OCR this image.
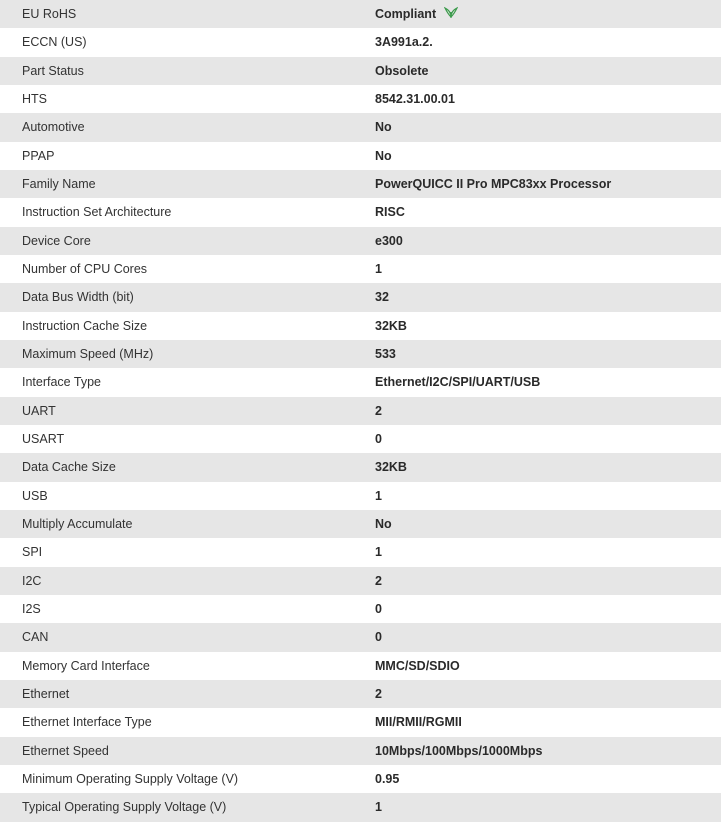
EU RoHS	Compliant
ECCN (US)	3A991a.2.
Part Status	Obsolete
HTS	8542.31.00.01
Automotive	No
PPAP	No
Family Name	PowerQUICC II Pro MPC83xx Processor
Instruction Set Architecture	RISC
Device Core	e300
Number of CPU Cores	1
Data Bus Width (bit)	32
Instruction Cache Size	32KB
Maximum Speed (MHz)	533
Interface Type	Ethernet/I2C/SPI/UART/USB
UART	2
USART	0
Data Cache Size	32KB
USB	1
Multiply Accumulate	No
SPI	1
I2C	2
I2S	0
CAN	0
Memory Card Interface	MMC/SD/SDIO
Ethernet	2
Ethernet Interface Type	MII/RMII/RGMII
Ethernet Speed	10Mbps/100Mbps/1000Mbps
Minimum Operating Supply Voltage (V)	0.95
Typical Operating Supply Voltage (V)	1
